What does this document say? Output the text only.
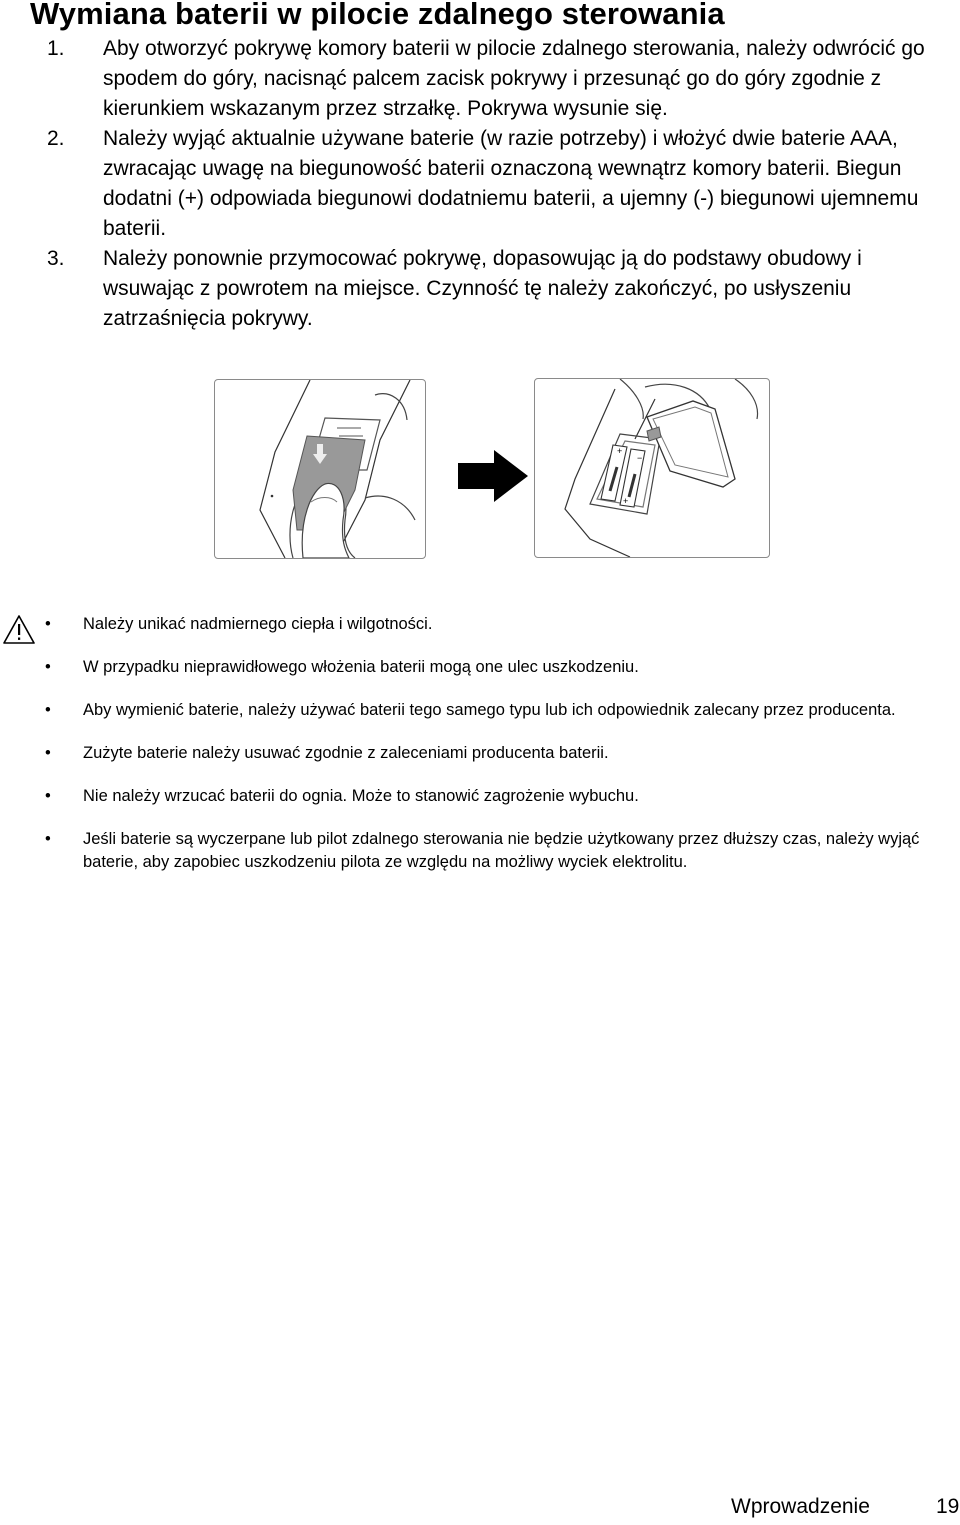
Wymiana baterii w pilocie zdalnego sterowania
1. Aby otworzyć pokrywę komory baterii w pilocie zdalnego sterowania, należy odwrócić go spodem do góry, nacisnąć palcem zacisk pokrywy i przesunąć go do góry zgodnie z kierunkiem wskazanym przez strzałkę. Pokrywa wysunie się.
2. Należy wyjąć aktualnie używane baterie (w razie potrzeby) i włożyć dwie baterie AAA, zwracając uwagę na biegunowość baterii oznaczoną wewnątrz komory baterii. Biegun dodatni (+) odpowiada biegunowi dodatniemu baterii, a ujemny (-) biegunowi ujemnemu baterii.
3. Należy ponownie przymocować pokrywę, dopasowując ją do podstawy obudowy i wsuwając z powrotem na miejsce. Czynność tę należy zakończyć, po usłyszeniu zatrzaśnięcia pokrywy.
+
+
−
• Należy unikać nadmiernego ciepła i wilgotności.
• W przypadku nieprawidłowego włożenia baterii mogą one ulec uszkodzeniu.
• Aby wymienić baterie, należy używać baterii tego samego typu lub ich odpowiednik zalecany przez producenta.
• Zużyte baterie należy usuwać zgodnie z zaleceniami producenta baterii.
• Nie należy wrzucać baterii do ognia. Może to stanowić zagrożenie wybuchu.
• Jeśli baterie są wyczerpane lub pilot zdalnego sterowania nie będzie użytkowany przez dłuższy czas, należy wyjąć baterie, aby zapobiec uszkodzeniu pilota ze względu na możliwy wyciek elektrolitu.
Wprowadzenie	19
